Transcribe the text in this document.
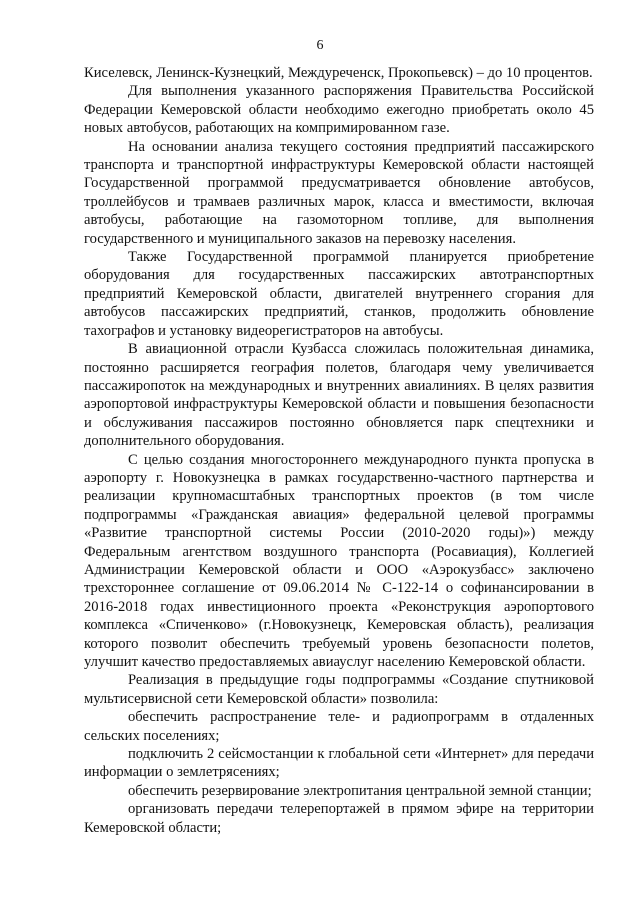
6

Киселевск, Ленинск-Кузнецкий, Междуреченск, Прокопьевск) – до 10 процентов.

Для выполнения указанного распоряжения Правительства Российской Федерации Кемеровской области необходимо ежегодно приобретать около 45 новых автобусов, работающих на компримированном газе.

На основании анализа текущего состояния предприятий пассажирского транспорта и транспортной инфраструктуры Кемеровской области настоящей Государственной программой предусматривается обновление автобусов, троллейбусов и трамваев различных марок, класса и вместимости, включая автобусы, работающие на газомоторном топливе, для выполнения государственного и муниципального заказов на перевозку населения.

Также Государственной программой планируется приобретение оборудования для государственных пассажирских автотранспортных предприятий Кемеровской области, двигателей внутреннего сгорания для автобусов пассажирских предприятий, станков, продолжить обновление тахографов и установку видеорегистраторов на автобусы.

В авиационной отрасли Кузбасса сложилась положительная динамика, постоянно расширяется география полетов, благодаря чему увеличивается пассажиропоток на международных и внутренних авиалиниях. В целях развития аэропортовой инфраструктуры Кемеровской области и повышения безопасности и обслуживания пассажиров постоянно обновляется парк спецтехники и дополнительного оборудования.

С целью создания многостороннего международного пункта пропуска в аэропорту г. Новокузнецка в рамках государственно-частного партнерства и реализации крупномасштабных транспортных проектов (в том числе подпрограммы «Гражданская авиация» федеральной целевой программы «Развитие транспортной системы России (2010-2020 годы)») между Федеральным агентством воздушного транспорта (Росавиация), Коллегией Администрации Кемеровской области и ООО «Аэрокузбасс» заключено трехстороннее соглашение от 09.06.2014 № С-122-14 о софинансировании в 2016-2018 годах инвестиционного проекта «Реконструкция аэропортового комплекса «Спиченково» (г.Новокузнецк, Кемеровская область), реализация которого позволит обеспечить требуемый уровень безопасности полетов, улучшит качество предоставляемых авиауслуг населению Кемеровской области.

Реализация в предыдущие годы подпрограммы «Создание спутниковой мультисервисной сети Кемеровской области» позволила:

обеспечить распространение теле- и радиопрограмм в отдаленных сельских поселениях;

подключить 2 сейсмостанции к глобальной сети «Интернет» для передачи информации о землетрясениях;

обеспечить резервирование электропитания центральной земной станции;

организовать передачи телерепортажей в прямом эфире на территории Кемеровской области;
